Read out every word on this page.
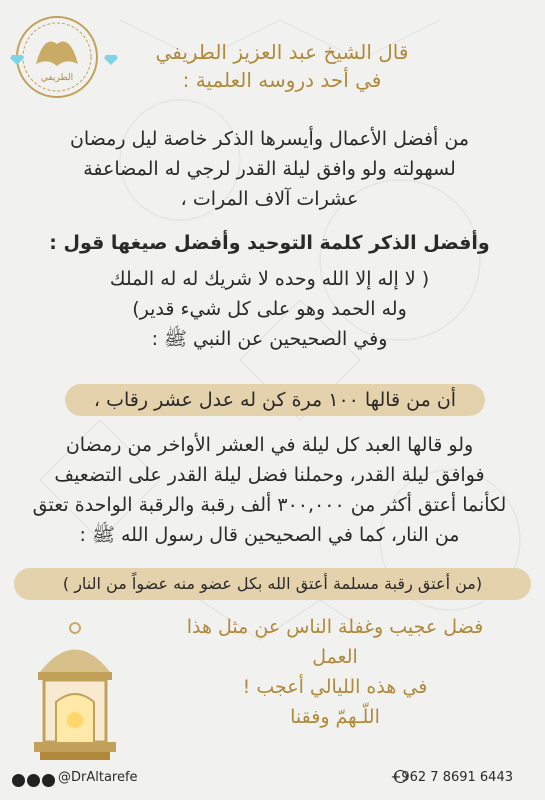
الطريفي
قال الشيخ عبد العزيز الطريفي
في أحد دروسه العلمية :
من أفضل الأعمال وأيسرها الذكر خاصة ليل رمضان
لسهولته ولو وافق ليلة القدر لرجي له المضاعفة
عشرات آلاف المرات ،
وأفضل الذكر كلمة التوحيد وأفضل صيغها قول :
( لا إله إلا الله وحده لا شريك له له الملك
وله الحمد وهو على كل شيء قدير)
وفي الصحيحين عن النبي ﷺ :
أن من قالها ١٠٠ مرة كن له عدل عشر رقاب ،
ولو قالها العبد كل ليلة في العشر الأواخر من رمضان
فوافق ليلة القدر، وحملنا فضل ليلة القدر على التضعيف
لكأنما أعتق أكثر من ٣٠٠,٠٠٠ ألف رقبة والرقبة الواحدة تعتق
من النار، كما في الصحيحين قال رسول الله ﷺ :
(من أعتق رقبة مسلمة أعتق الله بكل عضو منه عضواً من النار )
فضل عجيب وغفلة الناس عن مثل هذا العمل
في هذه الليالي أعجب !
اللّـهمّ وفقنا
@DrAltarefe	+962 7 8691 6443
